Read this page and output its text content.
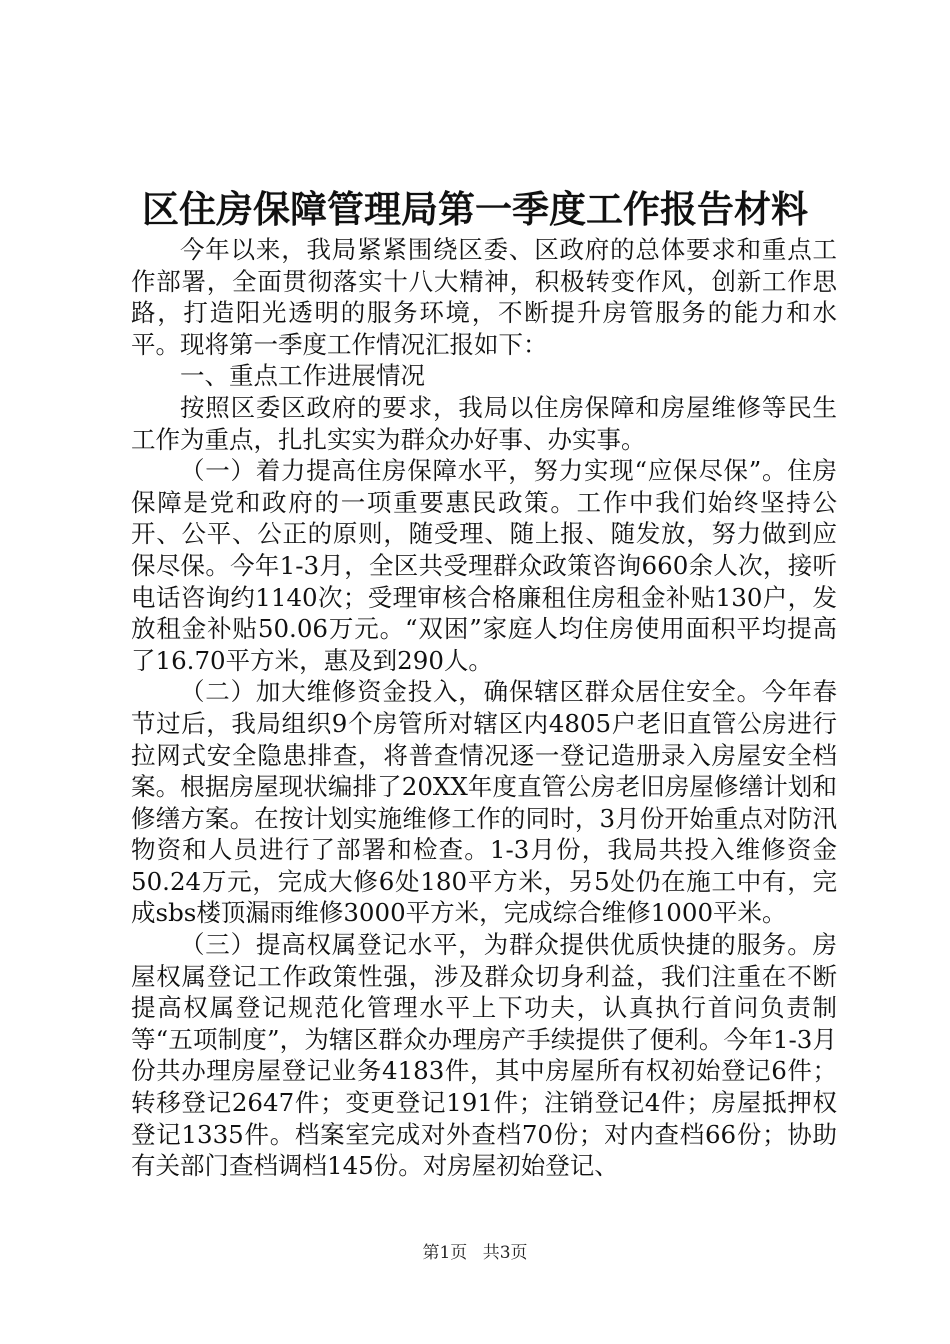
区住房保障管理局第一季度工作报告材料

今年以来，我局紧紧围绕区委、区政府的总体要求和重点工作部署，全面贯彻落实十八大精神，积极转变作风，创新工作思路，打造阳光透明的服务环境，不断提升房管服务的能力和水平。现将第一季度工作情况汇报如下：

一、重点工作进展情况

按照区委区政府的要求，我局以住房保障和房屋维修等民生工作为重点，扎扎实实为群众办好事、办实事。

（一）着力提高住房保障水平，努力实现“应保尽保”。住房保障是党和政府的一项重要惠民政策。工作中我们始终坚持公开、公平、公正的原则，随受理、随上报、随发放，努力做到应保尽保。今年1-3月，全区共受理群众政策咨询660余人次，接听电话咨询约1140次；受理审核合格廉租住房租金补贴130户，发放租金补贴50.06万元。“双困”家庭人均住房使用面积平均提高了16.70平方米，惠及到290人。

（二）加大维修资金投入，确保辖区群众居住安全。今年春节过后，我局组织9个房管所对辖区内4805户老旧直管公房进行拉网式安全隐患排查，将普查情况逐一登记造册录入房屋安全档案。根据房屋现状编排了20XX年度直管公房老旧房屋修缮计划和修缮方案。在按计划实施维修工作的同时，3月份开始重点对防汛物资和人员进行了部署和检查。1-3月份，我局共投入维修资金50.24万元，完成大修6处180平方米，另5处仍在施工中有，完成sbs楼顶漏雨维修3000平方米，完成综合维修1000平米。

（三）提高权属登记水平，为群众提供优质快捷的服务。房屋权属登记工作政策性强，涉及群众切身利益，我们注重在不断提高权属登记规范化管理水平上下功夫，认真执行首问负责制等“五项制度”，为辖区群众办理房产手续提供了便利。今年1-3月份共办理房屋登记业务4183件，其中房屋所有权初始登记6件；转移登记2647件；变更登记191件；注销登记4件；房屋抵押权登记1335件。档案室完成对外查档70份；对内查档66份；协助有关部门查档调档145份。对房屋初始登记、

第1页 共3页
